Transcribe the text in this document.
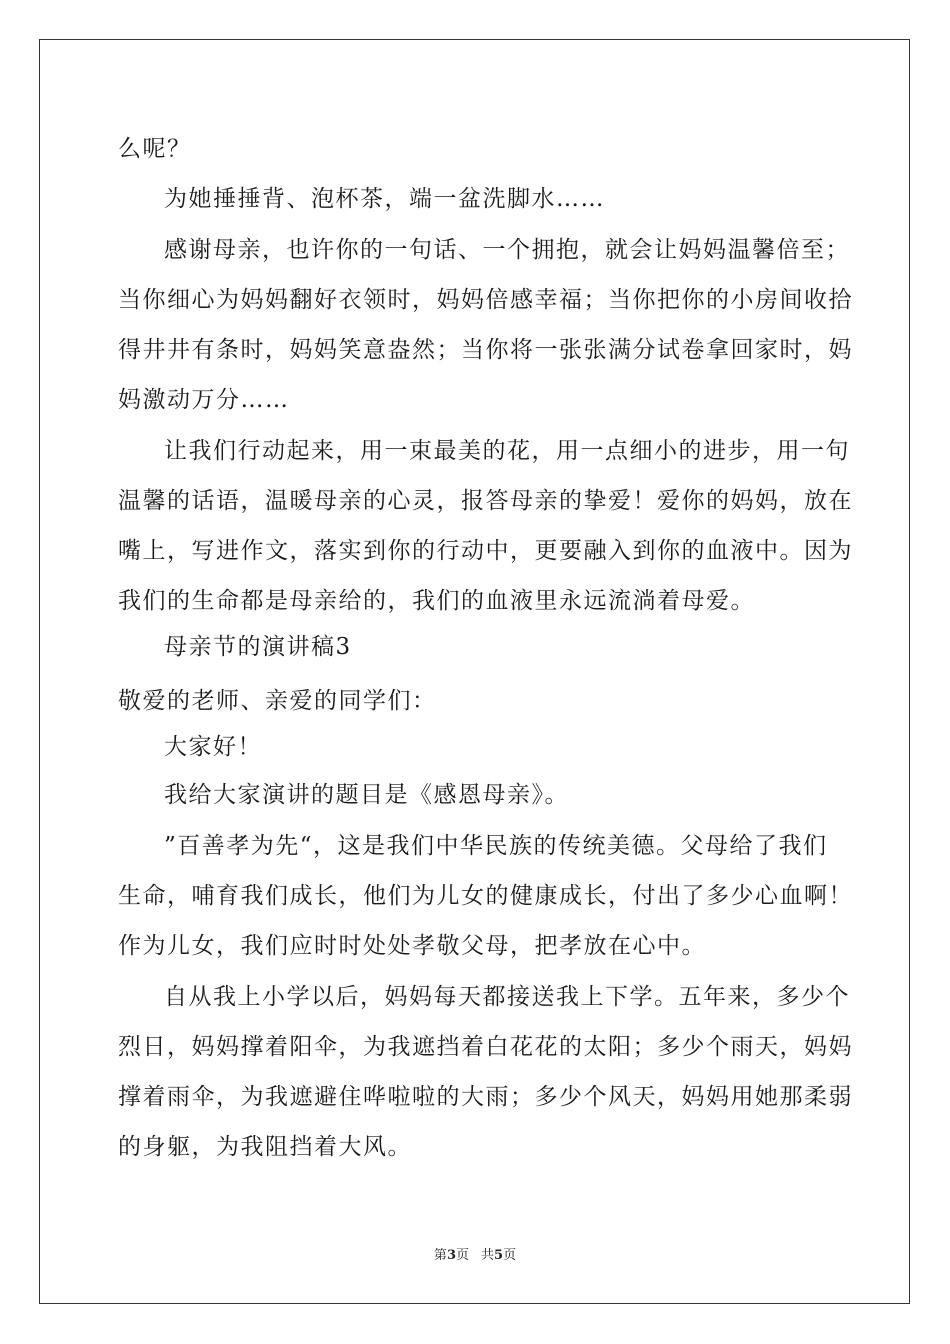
么呢？
为她捶捶背、泡杯茶，端一盆洗脚水……
感谢母亲，也许你的一句话、一个拥抱，就会让妈妈温馨倍至；
当你细心为妈妈翻好衣领时，妈妈倍感幸福；当你把你的小房间收拾
得井井有条时，妈妈笑意盎然；当你将一张张满分试卷拿回家时，妈
妈激动万分……
让我们行动起来，用一束最美的花，用一点细小的进步，用一句
温馨的话语，温暖母亲的心灵，报答母亲的挚爱！爱你的妈妈，放在
嘴上，写进作文，落实到你的行动中，更要融入到你的血液中。因为
我们的生命都是母亲给的，我们的血液里永远流淌着母爱。
母亲节的演讲稿3
敬爱的老师、亲爱的同学们：
大家好！
我给大家演讲的题目是《感恩母亲》。
”百善孝为先“，这是我们中华民族的传统美德。父母给了我们
生命，哺育我们成长，他们为儿女的健康成长，付出了多少心血啊！
作为儿女，我们应时时处处孝敬父母，把孝放在心中。
自从我上小学以后，妈妈每天都接送我上下学。五年来，多少个
烈日，妈妈撑着阳伞，为我遮挡着白花花的太阳；多少个雨天，妈妈
撑着雨伞，为我遮避住哗啦啦的大雨；多少个风天，妈妈用她那柔弱
的身躯，为我阻挡着大风。
第3页 共5页
